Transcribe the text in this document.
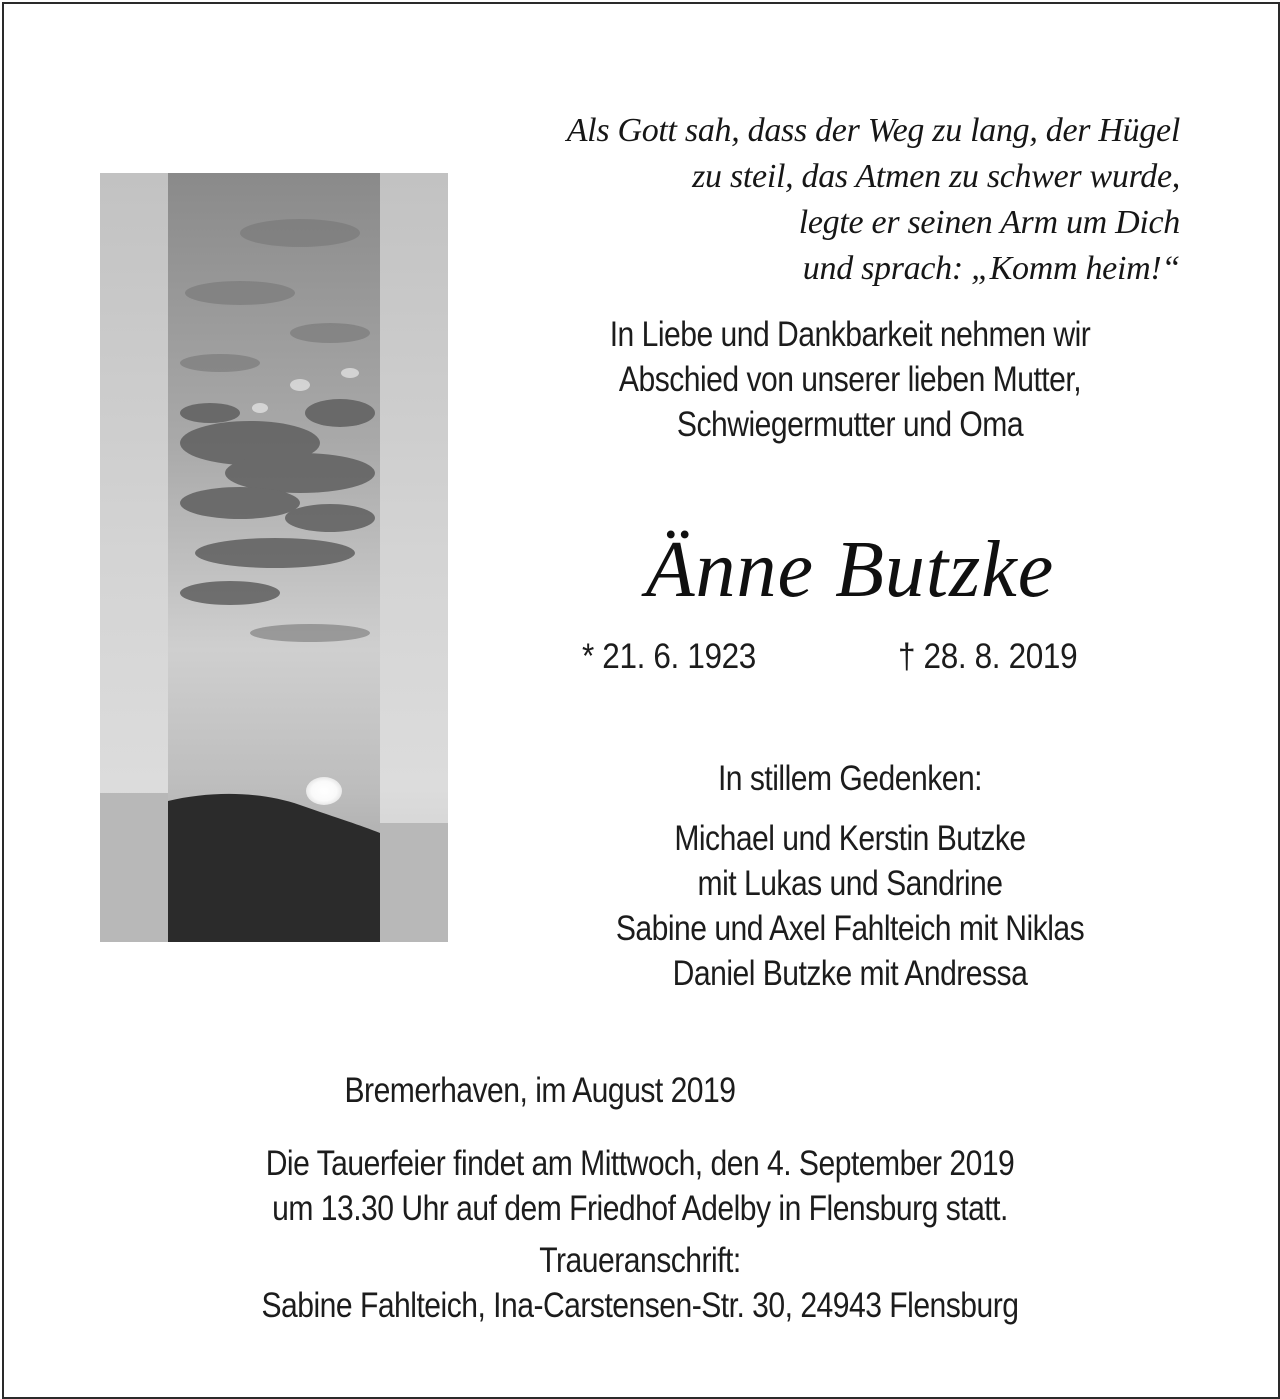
Als Gott sah, dass der Weg zu lang, der Hügel
zu steil, das Atmen zu schwer wurde,
legte er seinen Arm um Dich
und sprach: „Komm heim!“
In Liebe und Dankbarkeit nehmen wir
Abschied von unserer lieben Mutter,
Schwiegermutter und Oma
Änne Butzke
* 21. 6. 1923	† 28. 8. 2019
In stillem Gedenken:
Michael und Kerstin Butzke
mit Lukas und Sandrine
Sabine und Axel Fahlteich mit Niklas
Daniel Butzke mit Andressa
Bremerhaven, im August 2019
Die Tauerfeier findet am Mittwoch, den 4. September 2019
um 13.30 Uhr auf dem Friedhof Adelby in Flensburg statt.
Traueranschrift:
Sabine Fahlteich, Ina-Carstensen-Str. 30, 24943 Flensburg
